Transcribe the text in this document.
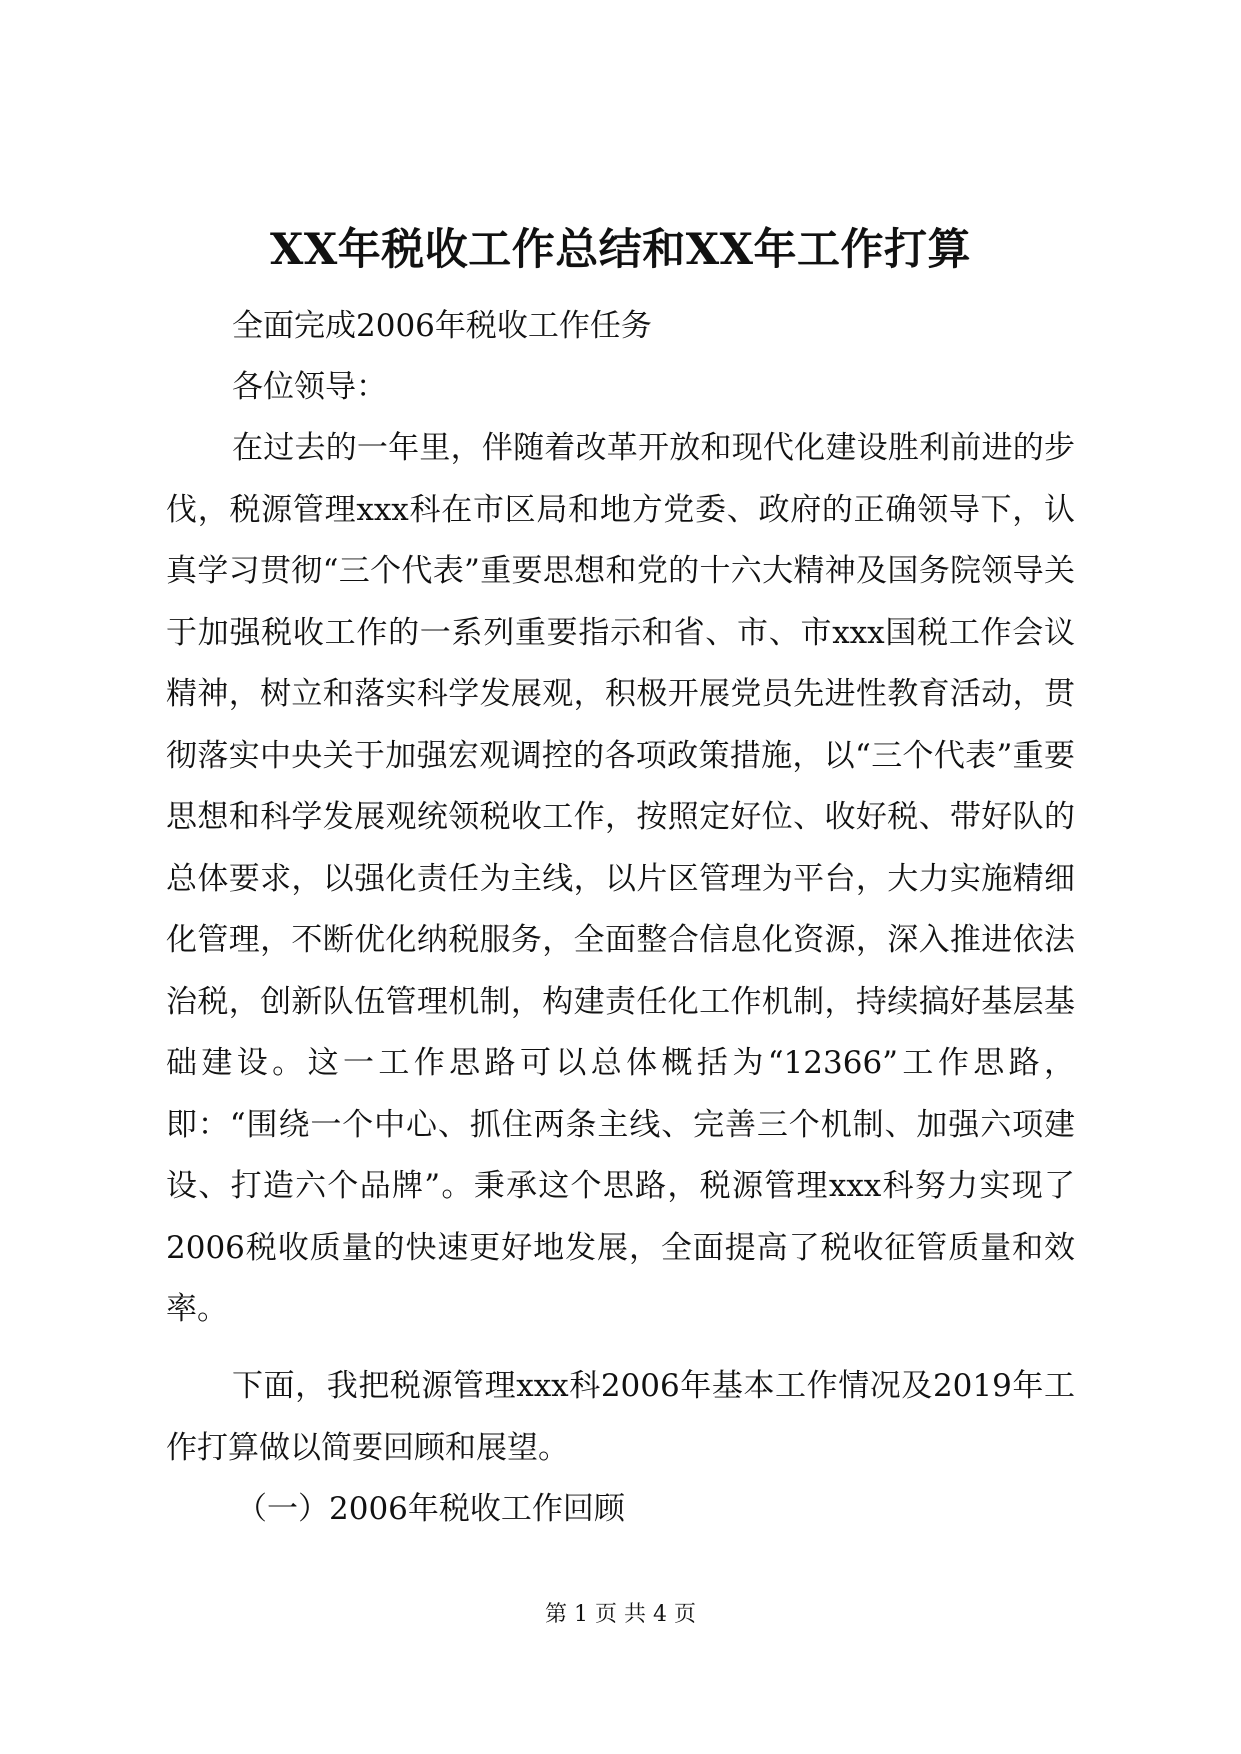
XX年税收工作总结和XX年工作打算

全面完成2006年税收工作任务

各位领导：

在过去的一年里，伴随着改革开放和现代化建设胜利前进的步伐，税源管理xxx科在市区局和地方党委、政府的正确领导下，认真学习贯彻“三个代表”重要思想和党的十六大精神及国务院领导关于加强税收工作的一系列重要指示和省、市、市xxx国税工作会议精神，树立和落实科学发展观，积极开展党员先进性教育活动，贯彻落实中央关于加强宏观调控的各项政策措施，以“三个代表”重要思想和科学发展观统领税收工作，按照定好位、收好税、带好队的总体要求，以强化责任为主线，以片区管理为平台，大力实施精细化管理，不断优化纳税服务，全面整合信息化资源，深入推进依法治税，创新队伍管理机制，构建责任化工作机制，持续搞好基层基础建设。这一工作思路可以总体概括为“12366”工作思路，即：“围绕一个中心、抓住两条主线、完善三个机制、加强六项建设、打造六个品牌”。秉承这个思路，税源管理xxx科努力实现了2006税收质量的快速更好地发展，全面提高了税收征管质量和效率。

下面，我把税源管理xxx科2006年基本工作情况及2019年工作打算做以简要回顾和展望。

（一）2006年税收工作回顾

第 1 页 共 4 页
